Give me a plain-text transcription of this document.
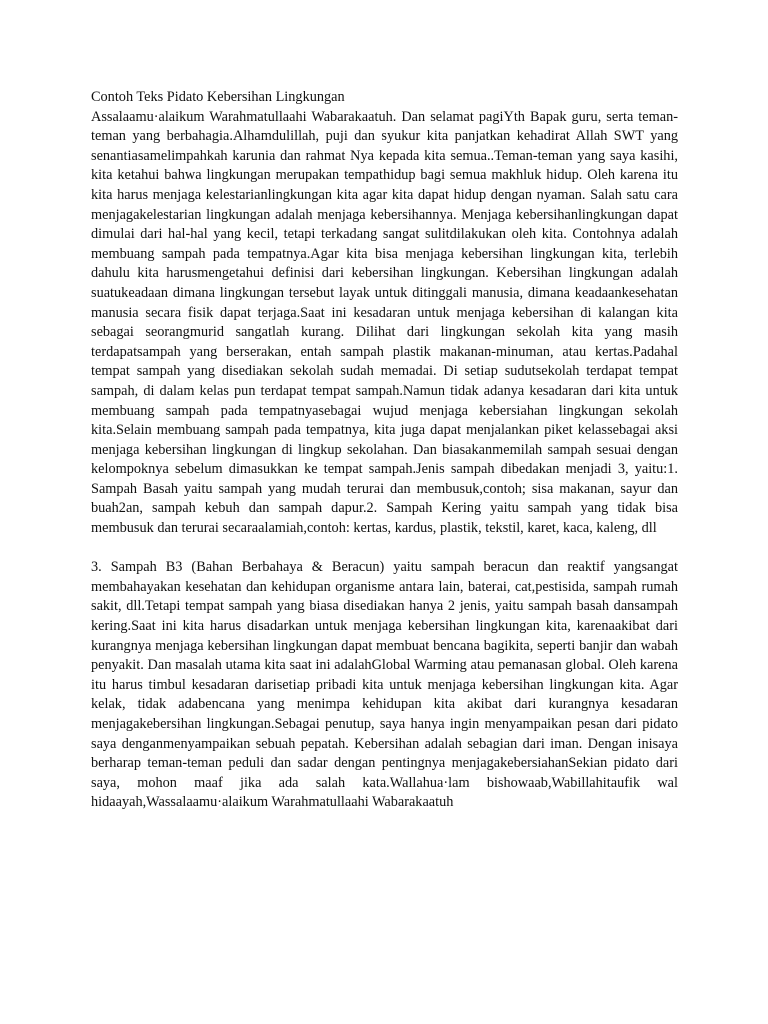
Contoh Teks Pidato Kebersihan Lingkungan

Assalaamu·alaikum Warahmatullaahi Wabarakaatuh. Dan selamat pagiYth Bapak guru, serta teman-teman yang berbahagia.Alhamdulillah, puji dan syukur kita panjatkan kehadirat Allah SWT yang senantiasamelimpahkah karunia dan rahmat Nya kepada kita semua..Teman-teman yang saya kasihi, kita ketahui bahwa lingkungan merupakan tempathidup bagi semua makhluk hidup. Oleh karena itu kita harus menjaga kelestarianlingkungan kita agar kita dapat hidup dengan nyaman. Salah satu cara menjagakelestarian lingkungan adalah menjaga kebersihannya. Menjaga kebersihanlingkungan dapat dimulai dari hal-hal yang kecil, tetapi terkadang sangat sulitdilakukan oleh kita. Contohnya adalah membuang sampah pada tempatnya.Agar kita bisa menjaga kebersihan lingkungan kita, terlebih dahulu kita harusmengetahui definisi dari kebersihan lingkungan. Kebersihan lingkungan adalah suatukeadaan dimana lingkungan tersebut layak untuk ditinggali manusia, dimana keadaankesehatan manusia secara fisik dapat terjaga.Saat ini kesadaran untuk menjaga kebersihan di kalangan kita sebagai seorangmurid sangatlah kurang. Dilihat dari lingkungan sekolah kita yang masih terdapatsampah yang berserakan, entah sampah plastik makanan-minuman, atau kertas.Padahal tempat sampah yang disediakan sekolah sudah memadai. Di setiap sudutsekolah terdapat tempat sampah, di dalam kelas pun terdapat tempat sampah.Namun tidak adanya kesadaran dari kita untuk membuang sampah pada tempatnyasebagai wujud menjaga kebersiahan lingkungan sekolah kita.Selain membuang sampah pada tempatnya, kita juga dapat menjalankan piket kelassebagai aksi menjaga kebersihan lingkungan di lingkup sekolahan. Dan biasakanmemilah sampah sesuai dengan kelompoknya sebelum dimasukkan ke tempat sampah.Jenis sampah dibedakan menjadi 3, yaitu:1. Sampah Basah yaitu sampah yang mudah terurai dan membusuk,contoh; sisa makanan, sayur dan buah2an, sampah kebuh dan sampah dapur.2. Sampah Kering yaitu sampah yang tidak bisa membusuk dan terurai secaraalamiah,contoh: kertas, kardus, plastik, tekstil, karet, kaca, kaleng, dll

3. Sampah B3 (Bahan Berbahaya & Beracun) yaitu sampah beracun dan reaktif yangsangat membahayakan kesehatan dan kehidupan organisme antara lain, baterai, cat,pestisida, sampah rumah sakit, dll.Tetapi tempat sampah yang biasa disediakan hanya 2 jenis, yaitu sampah basah dansampah kering.Saat ini kita harus disadarkan untuk menjaga kebersihan lingkungan kita, karenaakibat dari kurangnya menjaga kebersihan lingkungan dapat membuat bencana bagikita, seperti banjir dan wabah penyakit. Dan masalah utama kita saat ini adalahGlobal Warming atau pemanasan global. Oleh karena itu harus timbul kesadaran darisetiap pribadi kita untuk menjaga kebersihan lingkungan kita. Agar kelak, tidak adabencana yang menimpa kehidupan kita akibat dari kurangnya kesadaran menjagakebersihan lingkungan.Sebagai penutup, saya hanya ingin menyampaikan pesan dari pidato saya denganmenyampaikan sebuah pepatah. Kebersihan adalah sebagian dari iman. Dengan inisaya berharap teman-teman peduli dan sadar dengan pentingnya menjagakebersiahanSekian pidato dari saya, mohon maaf jika ada salah kata.Wallahua·lam bishowaab,Wabillahitaufik wal hidaayah,Wassalaamu·alaikum Warahmatullaahi Wabarakaatuh
